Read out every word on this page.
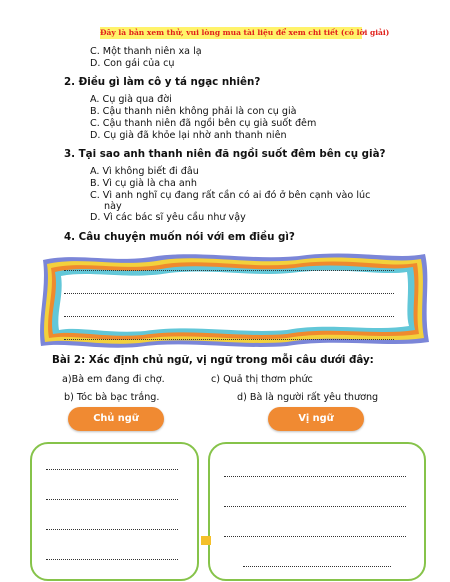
Đây là bản xem thử, vui lòng mua tài liệu để xem chi tiết (có lời giải)
C. Một thanh niên xa lạ
D. Con gái của cụ
2. Điều gì làm cô y tá ngạc nhiên?
A. Cụ già qua đời
B. Cậu thanh niên không phải là con cụ già
C. Cậu thanh niên đã ngồi bên cụ già suốt đêm
D. Cụ già đã khỏe lại nhờ anh thanh niên
3. Tại sao anh thanh niên đã ngồi suốt đêm bên cụ già?
A. Vì không biết đi đâu
B. Vì cụ già là cha anh
C. Vì anh nghĩ cụ đang rất cần có ai đó ở bên cạnh vào lúc
này
D. Vì các bác sĩ yêu cầu như vậy
4. Câu chuyện muốn nói với em điều gì?
Bài 2: Xác định chủ ngữ, vị ngữ trong mỗi câu dưới đây:
a)Bà em đang đi chợ.	c) Quả thị thơm phức
b) Tóc bà bạc trắng.	d) Bà là người rất yêu thương
Chủ ngữ	Vị ngữ
